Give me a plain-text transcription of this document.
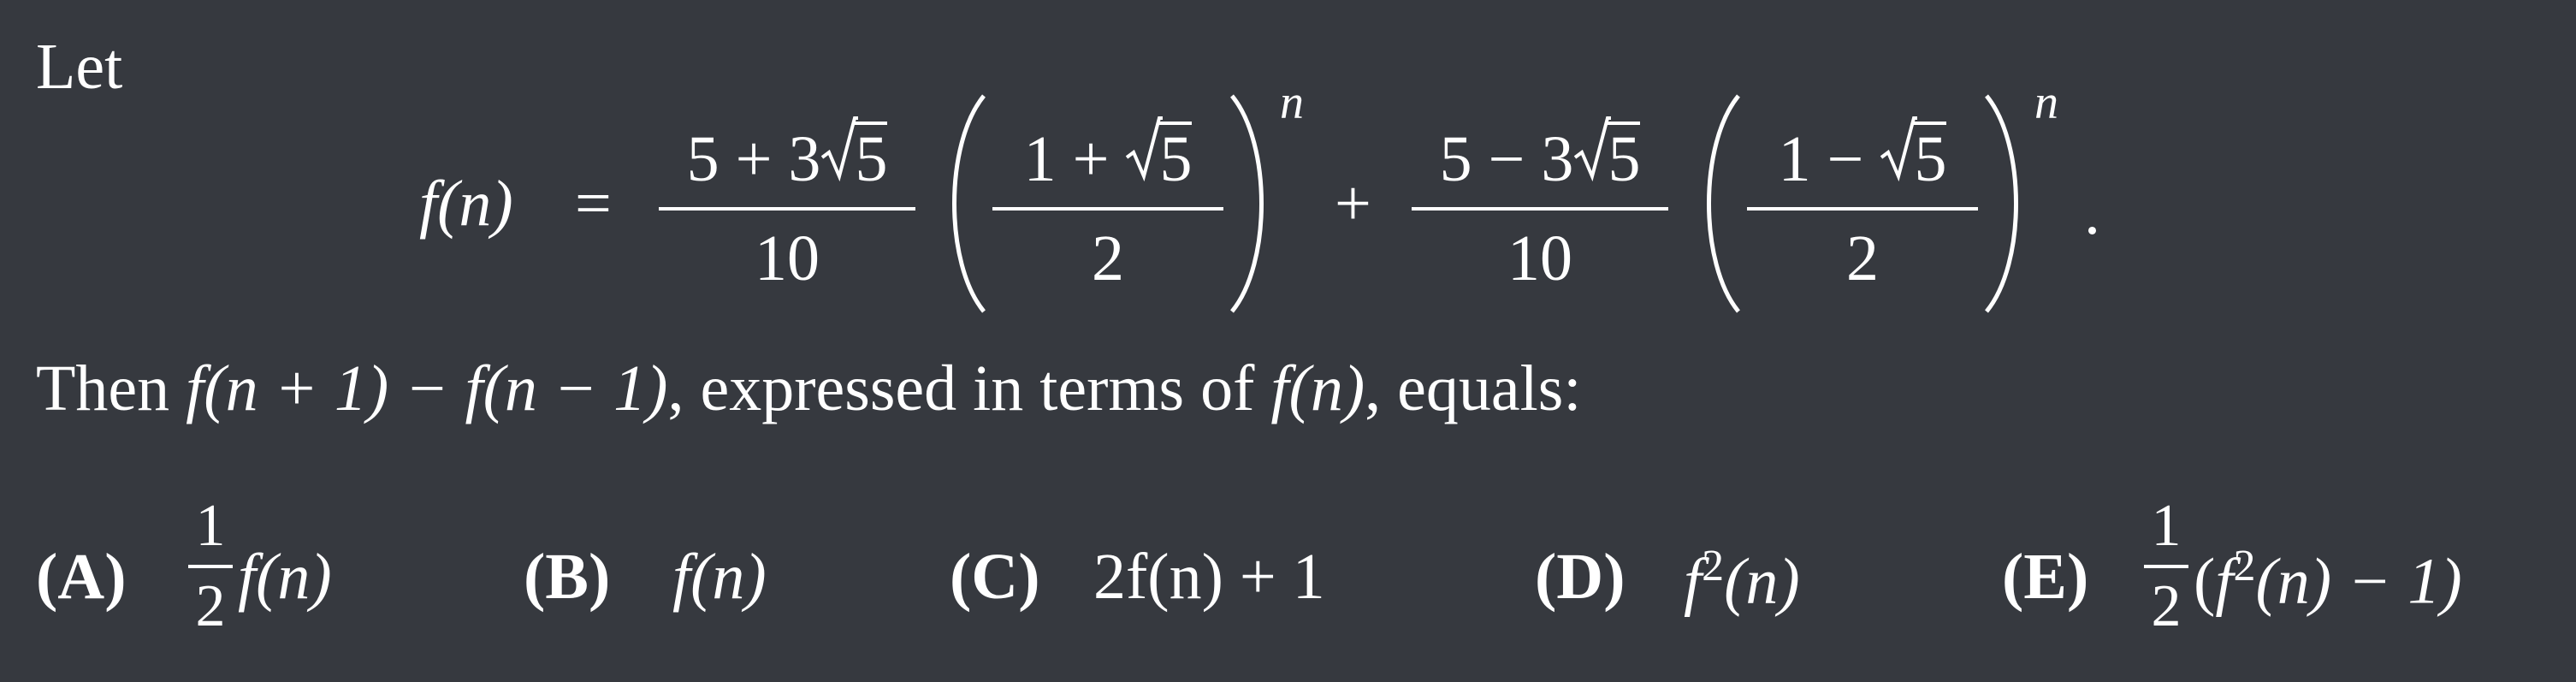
Let
f(n) =
5 + 3 5
10
1 +
5
2
n
+
5 − 3 5
10
1 −
5
2
n
.
Then f(n + 1) − f(n − 1), expressed in terms of f(n), equals:
(A)
1
2 f(n)	(B) f(n)	(C) 2f(n) + 1	(D) $f^2(n)$	(E)
1
2 $(f^2(n) - 1)$
